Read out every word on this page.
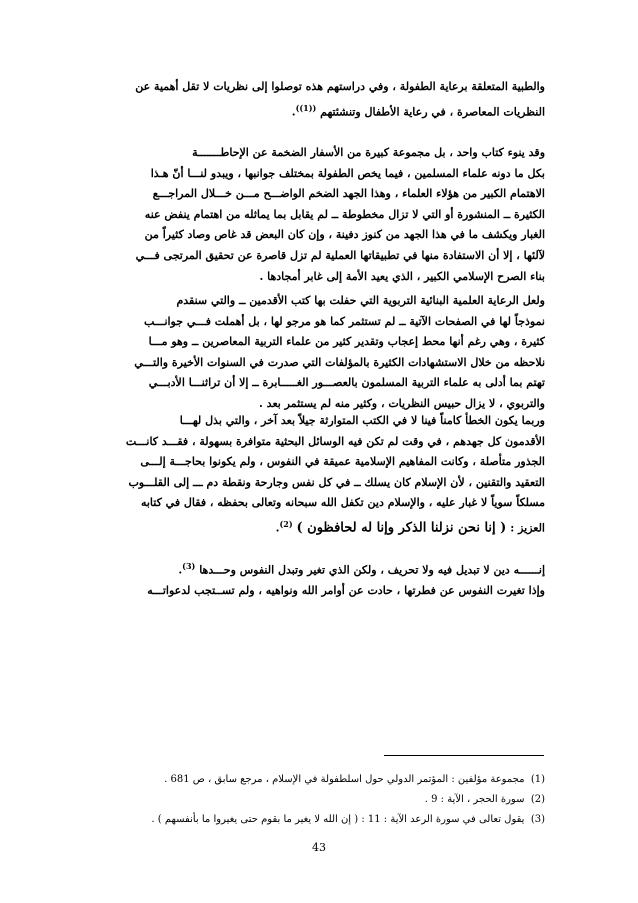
والطبية المتعلقة برعاية الطفولة ، وفي دراستهم هذه توصلوا إلى نظريات لا تقل أهمية عن
النظريات المعاصرة ، في رعاية الأطفال وتنشئتهم $^{((1))}$.

وقد ينوء كتاب واحد ، بل مجموعة كبيرة من الأسفار الضخمة عن الإحاطـــــــة
بكل ما دونه علماء المسلمين ، فيما يخص الطفولة بمختلف جوانبها ، ويبدو لنـــا أنّ هـذا
الاهتمام الكبير من هؤلاء العلماء ، وهذا الجهد الضخم الواضـــح مـــن خـــلال المراجـــع
الكثيرة ــ المنشورة أو التي لا تزال مخطوطة ــ لم يقابل بما يماثله من اهتمام ينفض عنه
الغبار ويكشف ما في هذا الجهد من كنوز دفينة ، وإن كان البعض قد غاص وصاد كثيراً من
لآلئها ، إلا أن الاستفادة منها في تطبيقاتها العملية لم تزل قاصرة عن تحقيق المرتجى فـــي
بناء الصرح الإسلامي الكبير ، الذي يعيد الأمة إلى غابر أمجادها .

ولعل الرعاية العلمية البنائية التربوية التي حفلت بها كتب الأقدمين ــ والتي سنقدم
نموذجاً لها في الصفحات الآتية ــ لم تستثمر كما هو مرجو لها ، بل أهملت فـــي جوانـــب
كثيرة ، وهي رغم أنها محط إعجاب وتقدير كثير من علماء التربية المعاصرين ــ وهو مـــا
نلاحظه من خلال الاستشهادات الكثيرة بالمؤلفات التي صدرت في السنوات الأخيرة والتـــي
تهتم بما أدلى به علماء التربية المسلمون بالعصـــور الغـــــابرة ــ إلا أن تراثنـــا الأدبـــي
والتربوي ، لا يزال حبيس النظريات ، وكثير منه لم يستثمر بعد .

وربما يكون الخطأ كامناً فينا لا في الكتب المتوارثة جيلاً بعد آخر ، والتي بذل لهـــا
الأقدمون كل جهدهم ، في وقت لم تكن فيه الوسائل البحثية متوافرة بسهولة ، فقـــد كانـــت
الجذور متأصلة ، وكانت المفاهيم الإسلامية عميقة في النفوس ، ولم يكونوا بحاجـــة إلـــى
التعقيد والتقنين ، لأن الإسلام كان يسلك ــ في كل نفس وجارحة ونقطة دم ـــ إلى القلـــوب
مسلكاً سوياً لا غبار عليه ، والإسلام دين تكفل الله سبحانه وتعالى بحفظه ، فقال في كتابه
العزيز : ( إنا نحن نزلنا الذكر وإنا له لحافظون ) $^{(2)}$.

إنــــــه دين لا تبديل فيه ولا تحريف ، ولكن الذي تغير وتبدل النفوس وحـــدها $^{(3)}$.
وإذا تغيرت النفوس عن فطرتها ، حادت عن أوامر الله ونواهيه ، ولم تســتجب لدعواتـــه

(1)  مجموعة مؤلفين : المؤتمر الدولي حول اسلطفولة في الإسلام ، مرجع سابق ، ص 681 .
(2)  سورة الحجر ، الآية : 9 .
(3)  يقول تعالى في سورة الرعد الآية : 11 : ( إن الله لا يغير ما بقوم حتى يغيروا ما بأنفسهم ) .
43
